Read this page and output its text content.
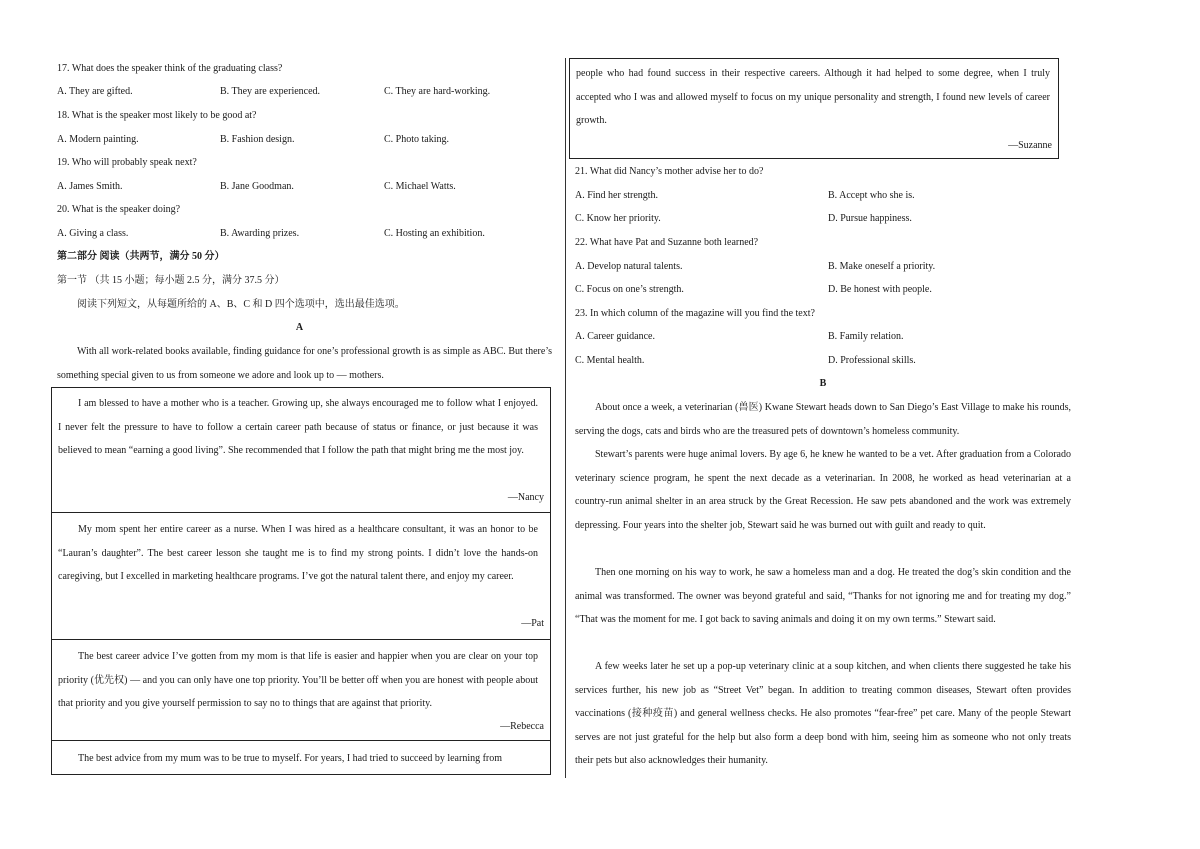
17. What does the speaker think of the graduating class?
A. They are gifted.	B. They are experienced.	C. They are hard-working.
18. What is the speaker most likely to be good at?
A. Modern painting.	B. Fashion design.	C. Photo taking.
19. Who will probably speak next?
A. James Smith.	B. Jane Goodman.	C. Michael Watts.
20. What is the speaker doing?
A. Giving a class.	B. Awarding prizes.	C. Hosting an exhibition.
第二部分 阅读（共两节，满分 50 分）
第一节 （共 15 小题；每小题 2.5 分，满分 37.5 分）
阅读下列短文，从每题所给的 A、B、C 和 D 四个选项中，选出最佳选项。
A
With all work-related books available, finding guidance for one’s professional growth is as simple as ABC. But there’s something special given to us from someone we adore and look up to — mothers.
I am blessed to have a mother who is a teacher. Growing up, she always encouraged me to follow what I enjoyed. I never felt the pressure to have to follow a certain career path because of status or finance, or just because it was believed to mean “earning a good living”. She recommended that I follow the path that might bring me the most joy.
—Nancy
My mom spent her entire career as a nurse. When I was hired as a healthcare consultant, it was an honor to be “Lauran’s daughter”. The best career lesson she taught me is to find my strong points. I didn’t love the hands-on caregiving, but I excelled in marketing healthcare programs. I’ve got the natural talent there, and enjoy my career.
—Pat
The best career advice I’ve gotten from my mom is that life is easier and happier when you are clear on your top priority (优先权) — and you can only have one top priority. You’ll be better off when you are honest with people about that priority and you give yourself permission to say no to things that are against that priority.
—Rebecca
The best advice from my mum was to be true to myself. For years, I had tried to succeed by learning from
people who had found success in their respective careers. Although it had helped to some degree, when I truly accepted who I was and allowed myself to focus on my unique personality and strength, I found new levels of career growth.
—Suzanne
21. What did Nancy’s mother advise her to do?
A. Find her strength.	B. Accept who she is.
C. Know her priority.	D. Pursue happiness.
22. What have Pat and Suzanne both learned?
A. Develop natural talents.	B. Make oneself a priority.
C. Focus on one’s strength.	D. Be honest with people.
23. In which column of the magazine will you find the text?
A. Career guidance.	B. Family relation.
C. Mental health.	D. Professional skills.
B
About once a week, a veterinarian (兽医) Kwane Stewart heads down to San Diego’s East Village to make his rounds, serving the dogs, cats and birds who are the treasured pets of downtown’s homeless community.
Stewart’s parents were huge animal lovers. By age 6, he knew he wanted to be a vet. After graduation from a Colorado veterinary science program, he spent the next decade as a veterinarian. In 2008, he worked as head veterinarian at a country-run animal shelter in an area struck by the Great Recession. He saw pets abandoned and the work was extremely depressing. Four years into the shelter job, Stewart said he was burned out with guilt and ready to quit.
Then one morning on his way to work, he saw a homeless man and a dog. He treated the dog’s skin condition and the animal was transformed. The owner was beyond grateful and said, “Thanks for not ignoring me and for treating my dog.” “That was the moment for me. I got back to saving animals and doing it on my own terms.” Stewart said.
A few weeks later he set up a pop-up veterinary clinic at a soup kitchen, and when clients there suggested he take his services further, his new job as “Street Vet” began. In addition to treating common diseases, Stewart often provides vaccinations (接种疫苗) and general wellness checks. He also promotes “fear-free” pet care. Many of the people Stewart serves are not just grateful for the help but also form a deep bond with him, seeing him as someone who not only treats their pets but also acknowledges their humanity.
